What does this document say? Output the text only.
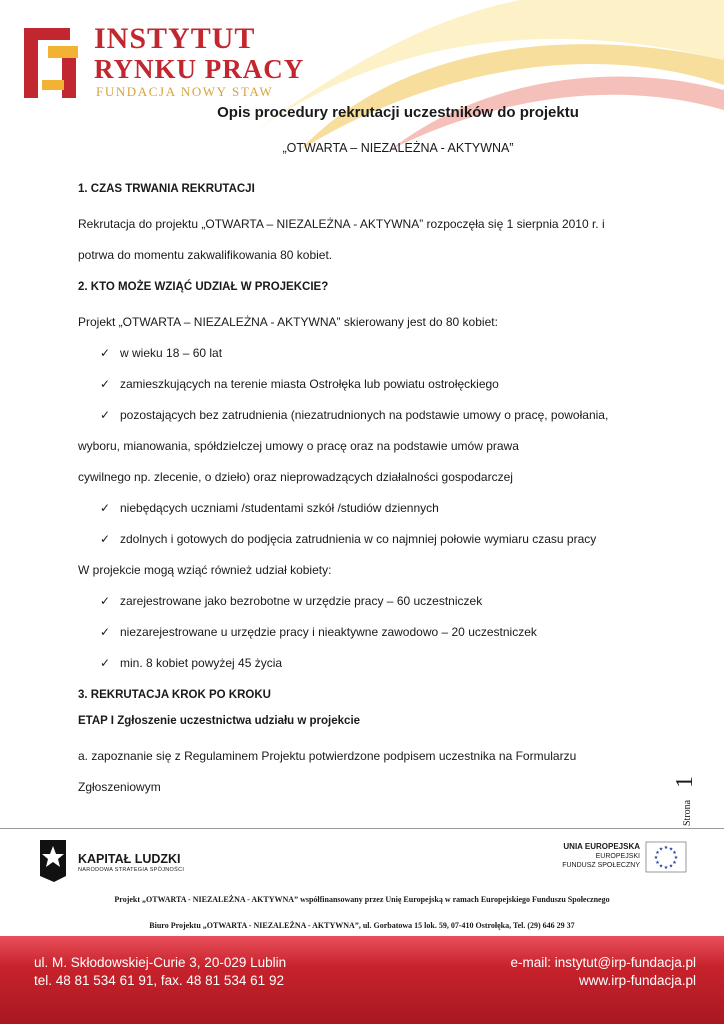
INSTYTUT
RYNKU PRACY
FUNDACJA NOWY STAW
Opis procedury rekrutacji uczestników do projektu
„OTWARTA – NIEZALEŻNA - AKTYWNA”
1. CZAS TRWANIA REKRUTACJI

Rekrutacja do projektu „OTWARTA – NIEZALEŻNA - AKTYWNA” rozpoczęła się 1 sierpnia 2010 r. i

potrwa do momentu zakwalifikowania 80 kobiet.

2. KTO MOŻE WZIĄĆ UDZIAŁ W PROJEKCIE?

Projekt „OTWARTA – NIEZALEŻNA - AKTYWNA” skierowany jest do 80 kobiet:

✓ w wieku 18 – 60 lat
✓ zamieszkujących na terenie miasta Ostrołęka lub powiatu ostrołęckiego
✓ pozostających bez zatrudnienia (niezatrudnionych na podstawie umowy o pracę, powołania,

wyboru, mianowania, spółdzielczej umowy o pracę oraz na podstawie umów prawa

cywilnego np. zlecenie, o dzieło) oraz nieprowadzących działalności gospodarczej

✓ niebędących uczniami /studentami szkół /studiów dziennych
✓ zdolnych i gotowych do podjęcia zatrudnienia w co najmniej połowie wymiaru czasu pracy

W projekcie mogą wziąć również udział kobiety:

✓ zarejestrowane jako bezrobotne w urzędzie pracy – 60 uczestniczek
✓ niezarejestrowane u urzędzie pracy i nieaktywne zawodowo – 20 uczestniczek
✓ min. 8 kobiet powyżej 45 życia
3. REKRUTACJA KROK PO KROKU
ETAP I Zgłoszenie uczestnictwa udziału w projekcie

a. zapoznanie się z Regulaminem Projektu potwierdzone podpisem uczestnika na Formularzu

Zgłoszeniowym

Strona
1
KAPITAŁ LUDZKI
NARODOWA STRATEGIA SPÓJNOŚCI
UNIA EUROPEJSKA
EUROPEJSKI
FUNDUSZ SPOŁECZNY
★ ★
★
★
★
★
★
★
★
★
★
★
Projekt „OTWARTA - NIEZALEŻNA - AKTYWNA” współfinansowany przez Unię Europejską w ramach Europejskiego Funduszu Społecznego
Biuro Projektu „OTWARTA - NIEZALEŻNA - AKTYWNA”, ul. Gorbatowa 15 lok. 59, 07-410 Ostrołęka, Tel. (29) 646 29 37
ul. M. Skłodowskiej-Curie 3, 20-029 Lublin
tel. 48 81 534 61 91, fax. 48 81 534 61 92
e-mail: instytut@irp-fundacja.pl
www.irp-fundacja.pl
